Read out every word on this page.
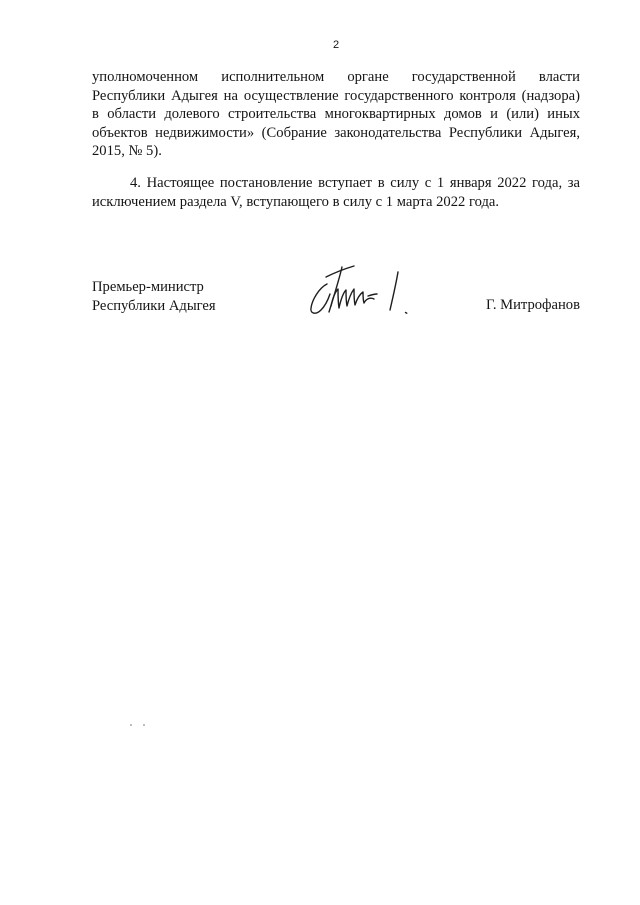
2
уполномоченном исполнительном органе государственной власти
Республики Адыгея на осуществление государственного контроля (надзора)
в области долевого строительства многоквартирных домов и (или) иных
объектов недвижимости» (Собрание законодательства Республики Адыгея,
2015, № 5).
4. Настоящее постановление вступает в силу с 1 января 2022 года, за
исключением раздела V, вступающего в силу с 1 марта 2022 года.
Премьер-министр
Республики Адыгея	Г. Митрофанов
